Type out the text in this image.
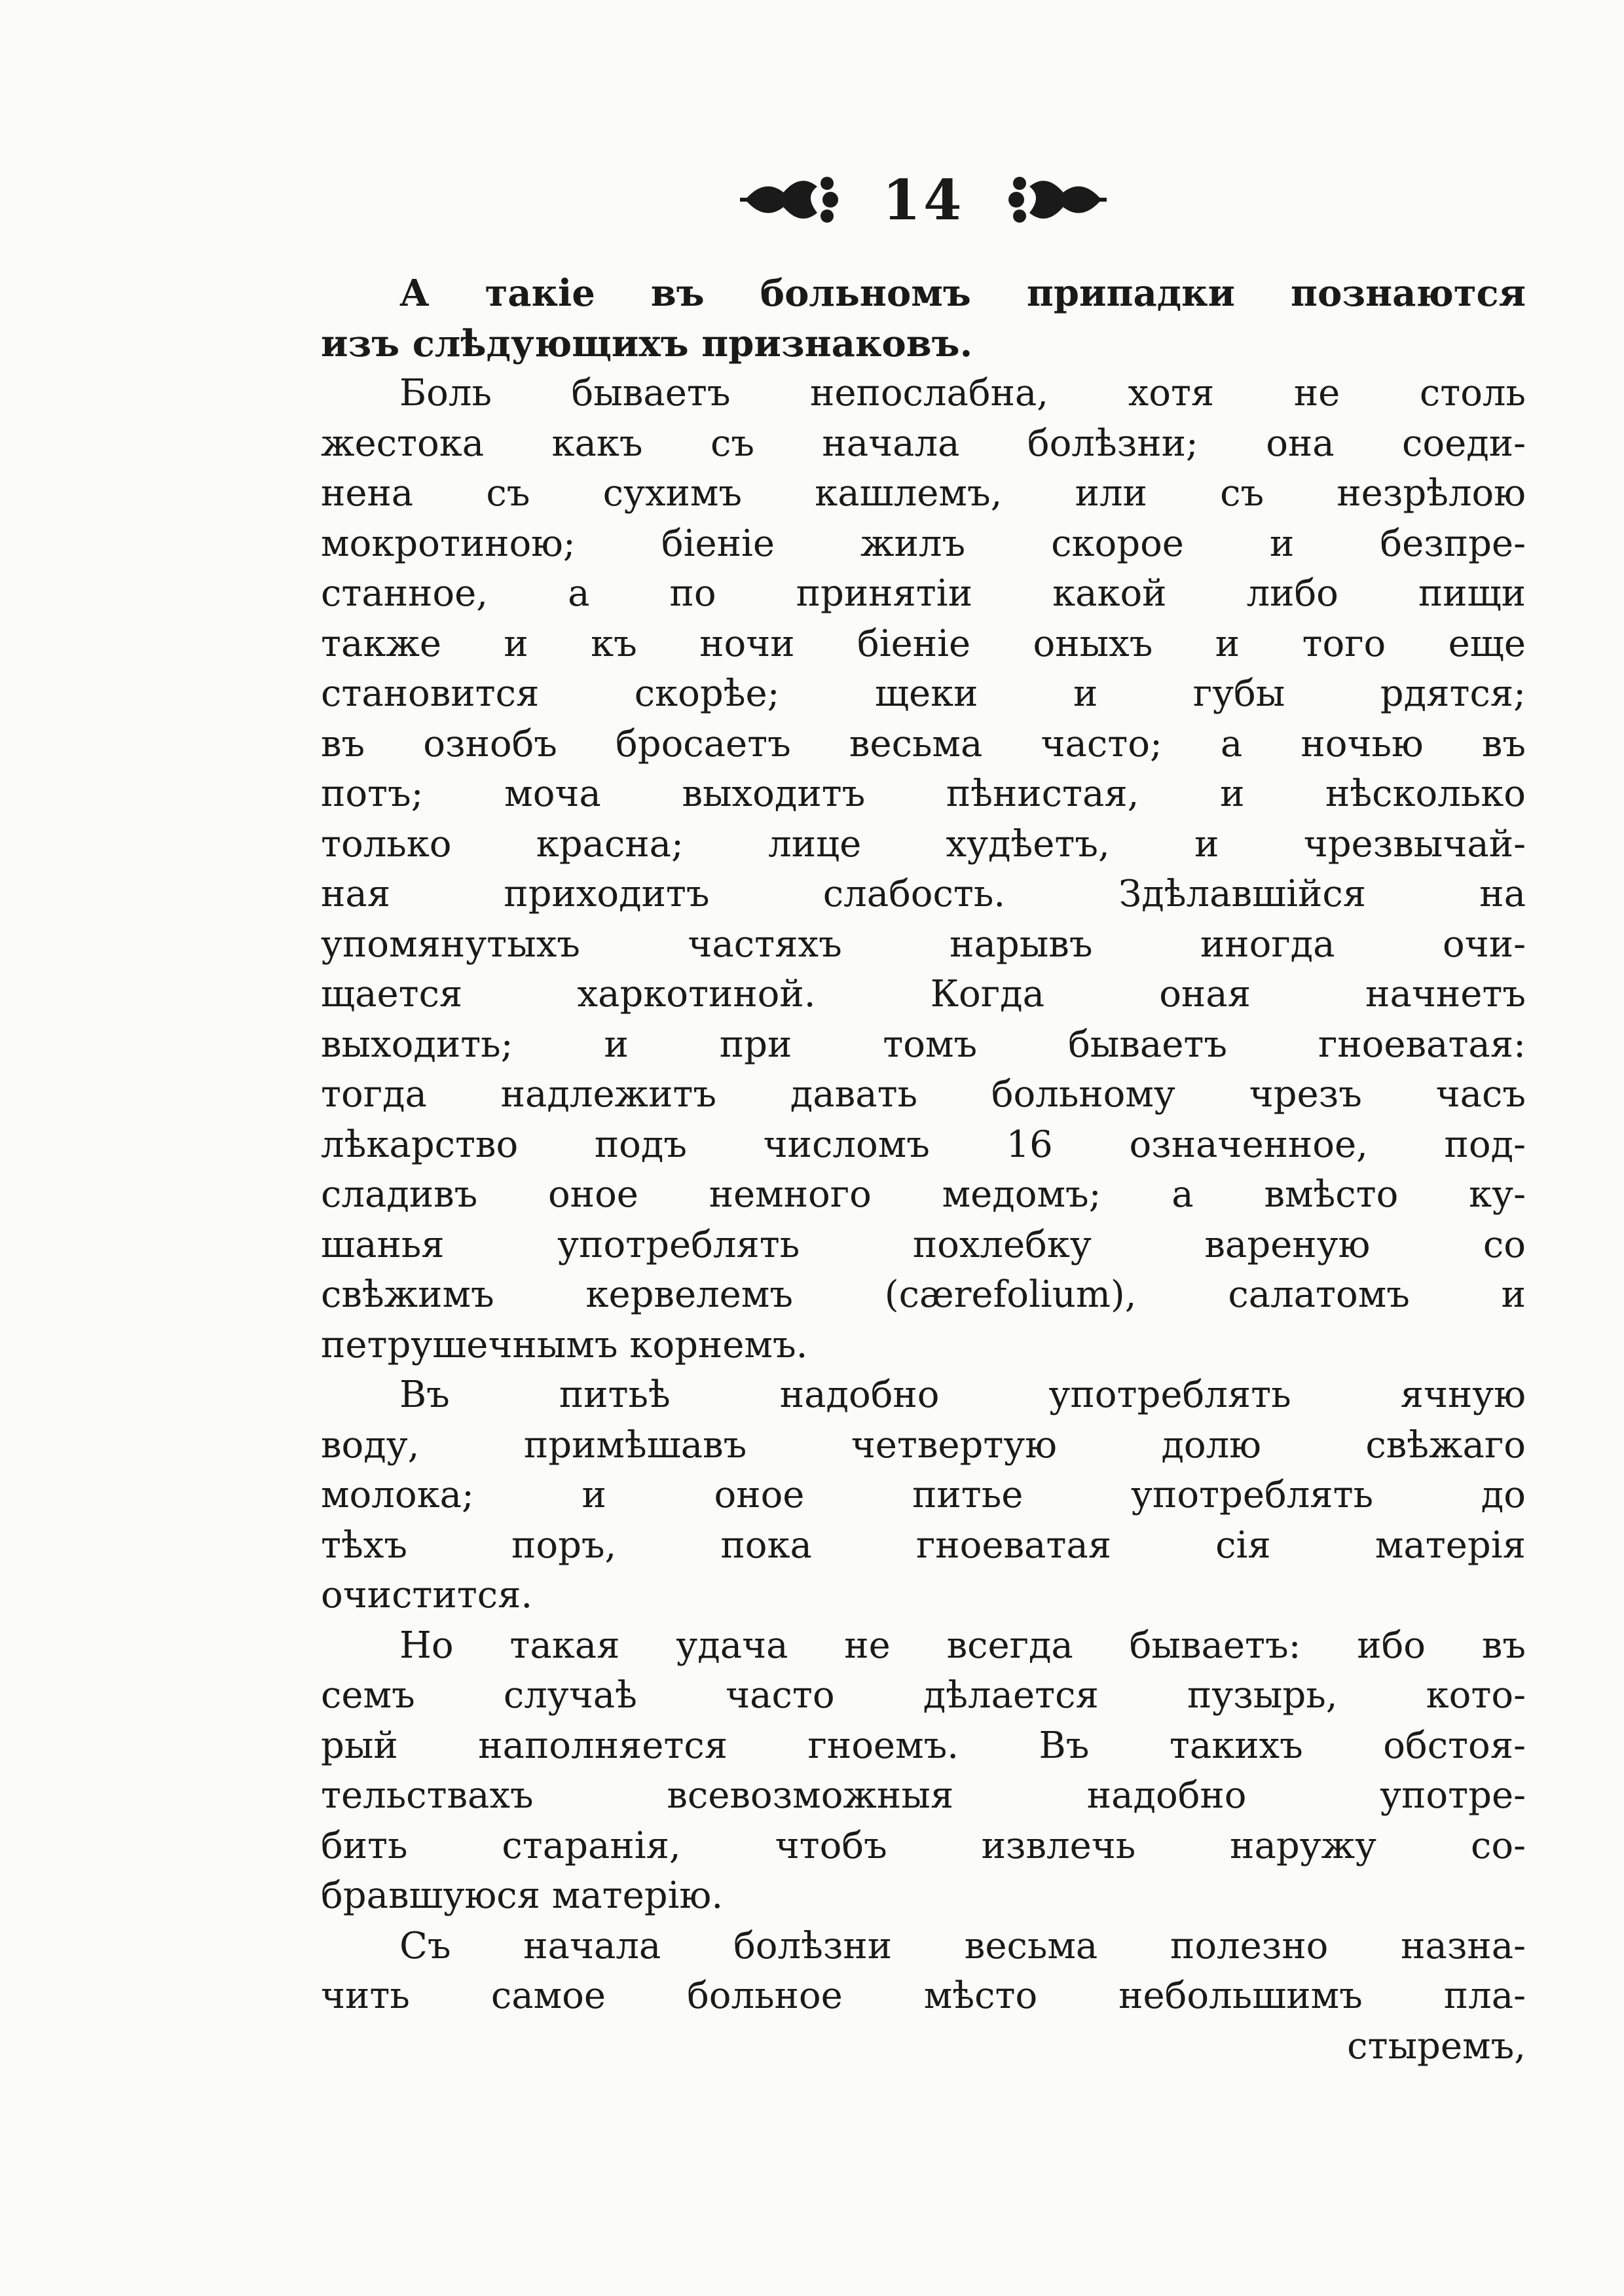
14
А такіе въ больномъ припадки познаются
изъ слѣдующихъ признаковъ.
Боль бываетъ непослабна, хотя не столь
жестока какъ съ начала болѣзни; она соеди-
нена съ сухимъ кашлемъ, или съ незрѣлою
мокротиною; біеніе жилъ скорое и безпре-
станное, а по принятіи какой либо пищи
такжe и къ ночи біеніе оныхъ и того еще
становится скорѣе; щеки и губы рдятся;
въ ознобъ бросаетъ весьма часто; а ночью въ
потъ; моча выходитъ пѣнистая, и нѣсколько
только красна; лице худѣетъ, и чрезвычай-
ная приходитъ слабость. Здѣлавшійся на
упомянутыхъ частяхъ нарывъ иногда очи-
щается харкотиной. Когда оная начнетъ
выходить; и при томъ бываетъ гноеватая:
тогда надлежитъ давать больному чрезъ часъ
лѣкарство подъ числомъ 16 означенное, под-
сладивъ оное немного медомъ; а вмѣсто ку-
шанья употреблять похлебку вареную со
свѣжимъ кервелемъ (cærefolium), салатомъ и
петрушечнымъ корнемъ.
Въ питьѣ надобно употреблять ячную
воду, примѣшавъ четвертую долю свѣжаго
молока; и оное питье употреблять до
тѣхъ поръ, пока гноеватая сія матерія
очистится.
Но такая удача не всегда бываетъ: ибо въ
семъ случаѣ часто дѣлается пузырь, кото-
рый наполняется гноемъ. Въ такихъ обстоя-
тельствахъ всевозможныя надобно употре-
бить старанія, чтобъ извлечь наружу со-
бравшуюся матерію.
Съ начала болѣзни весьма полезно назна-
чить самое больное мѣсто небольшимъ пла-
стыремъ,
